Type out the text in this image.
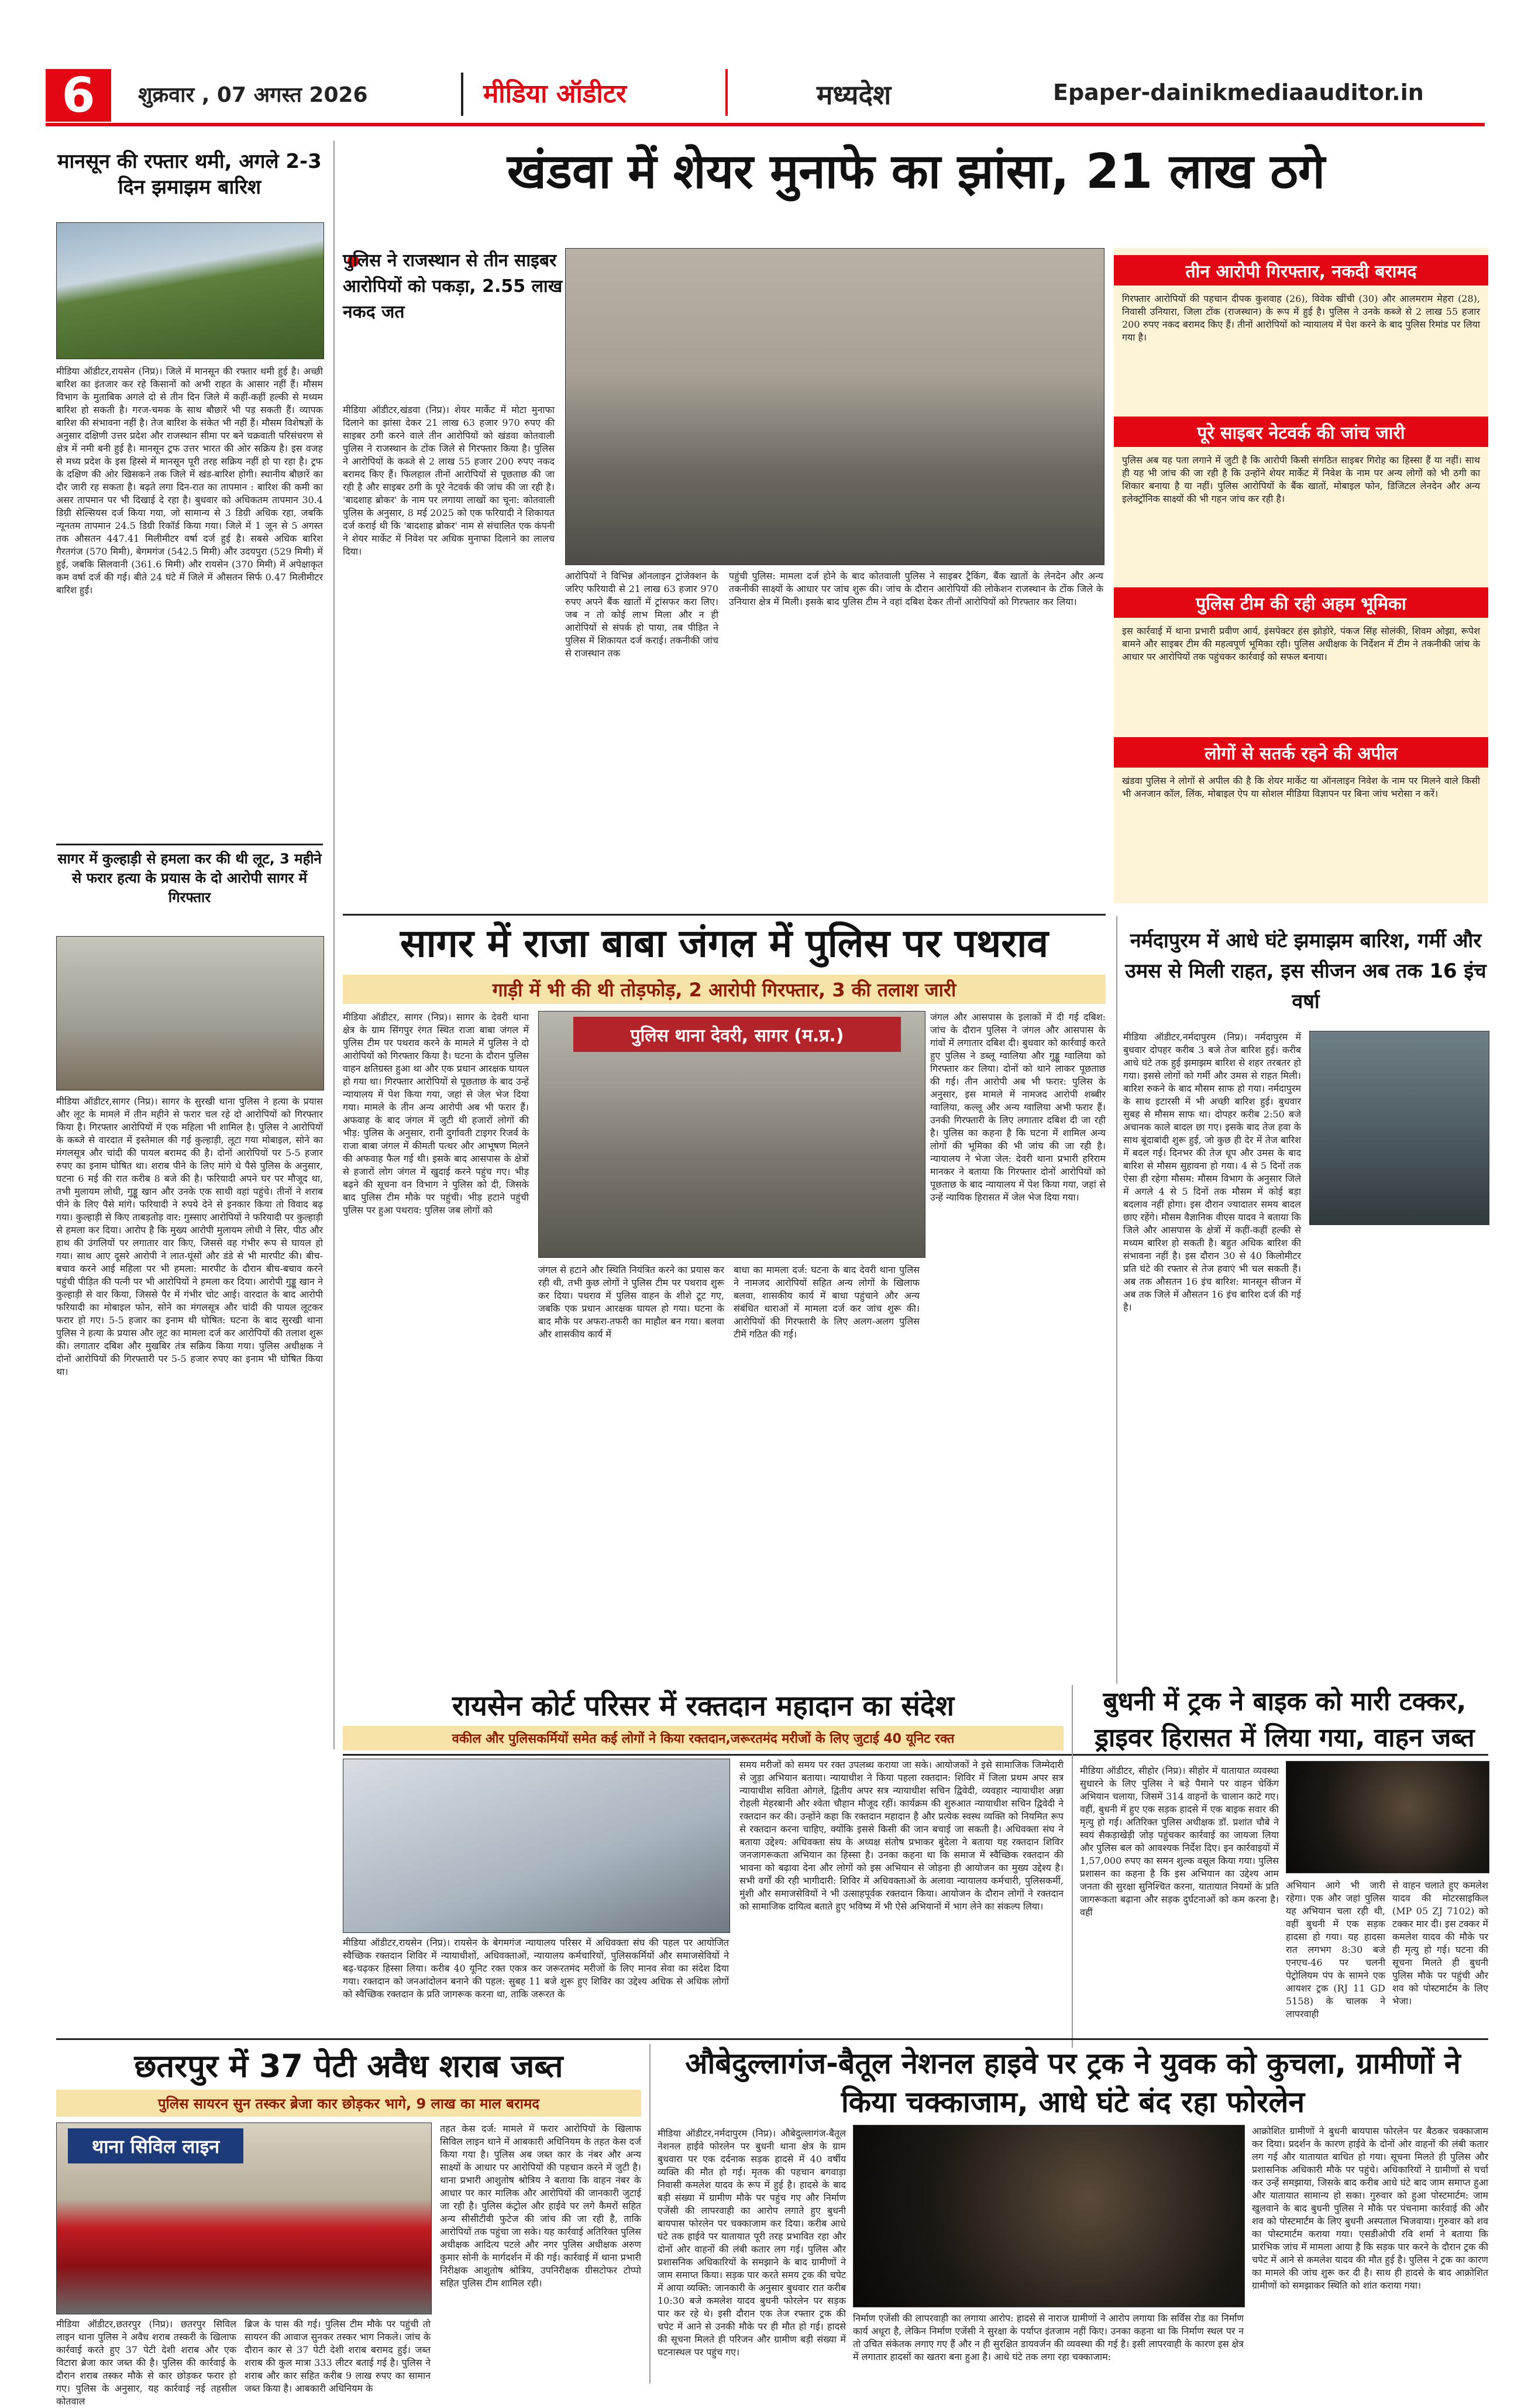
6	शुक्रवार , 07 अगस्त 2026	मीडिया ऑडीटर	मध्यदेश	Epaper-dainikmediaauditor.in
मानसून की रफ्तार थमी, अगले 2-3 दिन झमाझम बारिश

मीडिया ऑडीटर,रायसेन (निप्र)। जिले में मानसून की रफ्तार थमी हुई है। अच्छी बारिश का इंतजार कर रहे किसानों को अभी राहत के आसार नहीं हैं। मौसम विभाग के मुताबिक अगले दो से तीन दिन जिले में कहीं-कहीं हल्की से मध्यम बारिश हो सकती है। गरज-चमक के साथ बौछारें भी पड़ सकती हैं। व्यापक बारिश की संभावना नहीं है। तेज बारिश के संकेत भी नहीं हैं। मौसम विशेषज्ञों के अनुसार दक्षिणी उत्तर प्रदेश और राजस्थान सीमा पर बने चक्रवाती परिसंचरण से क्षेत्र में नमी बनी हुई है। मानसून ट्रफ उत्तर भारत की ओर सक्रिय है। इस वजह से मध्य प्रदेश के इस हिस्से में मानसून पूरी तरह सक्रिय नहीं हो पा रहा है। ट्रफ के दक्षिण की ओर खिसकने तक जिले में खंड-बारिश होगी। स्थानीय बौछारें का दौर जारी रह सकता है। बढ़ते लगा दिन-रात का तापमान : बारिश की कमी का असर तापमान पर भी दिखाई दे रहा है। बुधवार को अधिकतम तापमान 30.4 डिग्री सेल्सियस दर्ज किया गया, जो सामान्य से 3 डिग्री अधिक रहा, जबकि न्यूनतम तापमान 24.5 डिग्री रिकॉर्ड किया गया। जिले में 1 जून से 5 अगस्त तक औसतन 447.41 मिलीमीटर वर्षा दर्ज हुई है। सबसे अधिक बारिश गैरतगंज (570 मिमी), बेगमगंज (542.5 मिमी) और उदयपुरा (529 मिमी) में हुई, जबकि सिलवानी (361.6 मिमी) और रायसेन (370 मिमी) में अपेक्षाकृत कम वर्षा दर्ज की गई। बीते 24 घंटे में जिले में औसतन सिर्फ 0.47 मिलीमीटर बारिश हुई।

सागर में कुल्हाड़ी से हमला कर की थी लूट, 3 महीने से फरार हत्या के प्रयास के दो आरोपी सागर में गिरफ्तार

मीडिया ऑडीटर,सागर (निप्र)। सागर के सुरखी थाना पुलिस ने हत्या के प्रयास और लूट के मामले में तीन महीने से फरार चल रहे दो आरोपियों को गिरफ्तार किया है। गिरफ्तार आरोपियों में एक महिला भी शामिल है। पुलिस ने आरोपियों के कब्जे से वारदात में इस्तेमाल की गई कुल्हाड़ी, लूटा गया मोबाइल, सोने का मंगलसूत्र और चांदी की पायल बरामद की है। दोनों आरोपियों पर 5-5 हजार रुपए का इनाम घोषित था। शराब पीने के लिए मांगे थे पैसे पुलिस के अनुसार, घटना 6 मई की रात करीब 8 बजे की है। फरियादी अपने घर पर मौजूद था, तभी मुलायम लोधी, गुड्डू खान और उनके एक साथी वहां पहुंचे। तीनों ने शराब पीने के लिए पैसे मांगे। फरियादी ने रुपये देने से इनकार किया तो विवाद बढ़ गया। कुल्हाड़ी से किए ताबड़तोड़ वार: गुस्साए आरोपियों ने फरियादी पर कुल्हाड़ी से हमला कर दिया। आरोप है कि मुख्य आरोपी मुलायम लोधी ने सिर, पीठ और हाथ की उंगलियों पर लगातार वार किए, जिससे वह गंभीर रूप से घायल हो गया। साथ आए दूसरे आरोपी ने लात-घूंसों और डंडे से भी मारपीट की। बीच-बचाव करने आई महिला पर भी हमला: मारपीट के दौरान बीच-बचाव करने पहुंची पीड़ित की पत्नी पर भी आरोपियों ने हमला कर दिया। आरोपी गुड्डू खान ने कुल्हाड़ी से वार किया, जिससे पैर में गंभीर चोट आई। वारदात के बाद आरोपी फरियादी का मोबाइल फोन, सोने का मंगलसूत्र और चांदी की पायल लूटकर फरार हो गए। 5-5 हजार का इनाम थी घोषित: घटना के बाद सुरखी थाना पुलिस ने हत्या के प्रयास और लूट का मामला दर्ज कर आरोपियों की तलाश शुरू की। लगातार दबिश और मुखबिर तंत्र सक्रिय किया गया। पुलिस अधीक्षक ने दोनों आरोपियों की गिरफ्तारी पर 5-5 हजार रुपए का इनाम भी घोषित किया था।

खंडवा में शेयर मुनाफे का झांसा, 21 लाख ठगे
पुलिस ने राजस्थान से तीन साइबर आरोपियों को पकड़ा, 2.55 लाख नकद जत

मीडिया ऑडीटर,खंडवा (निप्र)। शेयर मार्केट में मोटा मुनाफा दिलाने का झांसा देकर 21 लाख 63 हजार 970 रुपए की साइबर ठगी करने वाले तीन आरोपियों को खंडवा कोतवाली पुलिस ने राजस्थान के टोंक जिले से गिरफ्तार किया है। पुलिस ने आरोपियों के कब्जे से 2 लाख 55 हजार 200 रुपए नकद बरामद किए हैं। फिलहाल तीनों आरोपियों से पूछताछ की जा रही है और साइबर ठगी के पूरे नेटवर्क की जांच की जा रही है। 'बादशाह ब्रोकर' के नाम पर लगाया लाखों का चूना: कोतवाली पुलिस के अनुसार, 8 मई 2025 को एक फरियादी ने शिकायत दर्ज कराई थी कि 'बादशाह ब्रोकर' नाम से संचालित एक कंपनी ने शेयर मार्केट में निवेश पर अधिक मुनाफा दिलाने का लालच दिया।

आरोपियों ने विभिन्न ऑनलाइन ट्रांजेक्शन के जरिए फरियादी से 21 लाख 63 हजार 970 रुपए अपने बैंक खातों में ट्रांसफर करा लिए। जब न तो कोई लाभ मिला और न ही आरोपियों से संपर्क हो पाया, तब पीड़ित ने पुलिस में शिकायत दर्ज कराई। तकनीकी जांच से राजस्थान तक

पहुंची पुलिस: मामला दर्ज होने के बाद कोतवाली पुलिस ने साइबर ट्रैकिंग, बैंक खातों के लेनदेन और अन्य तकनीकी साक्ष्यों के आधार पर जांच शुरू की। जांच के दौरान आरोपियों की लोकेशन राजस्थान के टोंक जिले के उनियारा क्षेत्र में मिली। इसके बाद पुलिस टीम ने वहां दबिश देकर तीनों आरोपियों को गिरफ्तार कर लिया।

तीन आरोपी गिरफ्तार, नकदी बरामद

गिरफ्तार आरोपियों की पहचान दीपक कुशवाह (26), विवेक खींची (30) और आलमराम मेहरा (28), निवासी उनियारा, जिला टोंक (राजस्थान) के रूप में हुई है। पुलिस ने उनके कब्जे से 2 लाख 55 हजार 200 रुपए नकद बरामद किए हैं। तीनों आरोपियों को न्यायालय में पेश करने के बाद पुलिस रिमांड पर लिया गया है।

पूरे साइबर नेटवर्क की जांच जारी

पुलिस अब यह पता लगाने में जुटी है कि आरोपी किसी संगठित साइबर गिरोह का हिस्सा हैं या नहीं। साथ ही यह भी जांच की जा रही है कि उन्होंने शेयर मार्केट में निवेश के नाम पर अन्य लोगों को भी ठगी का शिकार बनाया है या नहीं। पुलिस आरोपियों के बैंक खातों, मोबाइल फोन, डिजिटल लेनदेन और अन्य इलेक्ट्रॉनिक साक्ष्यों की भी गहन जांच कर रही है।

पुलिस टीम की रही अहम भूमिका

इस कार्रवाई में थाना प्रभारी प्रवीण आर्य, इंसपेक्टर हंस झोड़ोरे, पंकज सिंह सोलंकी, शिवम ओझा, रूपेश बामने और साइबर टीम की महत्वपूर्ण भूमिका रही। पुलिस अधीक्षक के निर्देशन में टीम ने तकनीकी जांच के आधार पर आरोपियों तक पहुंचकर कार्रवाई को सफल बनाया।

लोगों से सतर्क रहने की अपील

खंडवा पुलिस ने लोगों से अपील की है कि शेयर मार्केट या ऑनलाइन निवेश के नाम पर मिलने वाले किसी भी अनजान कॉल, लिंक, मोबाइल ऐप या सोशल मीडिया विज्ञापन पर बिना जांच भरोसा न करें।

सागर में राजा बाबा जंगल में पुलिस पर पथराव
गाड़ी में भी की थी तोड़फोड़, 2 आरोपी गिरफ्तार, 3 की तलाश जारी

मीडिया ऑडीटर, सागर (निप्र)। सागर के देवरी थाना क्षेत्र के ग्राम सिंगपुर रंगत स्थित राजा बाबा जंगल में पुलिस टीम पर पथराव करने के मामले में पुलिस ने दो आरोपियों को गिरफ्तार किया है। घटना के दौरान पुलिस वाहन क्षतिग्रस्त हुआ था और एक प्रधान आरक्षक घायल हो गया था। गिरफ्तार आरोपियों से पूछताछ के बाद उन्हें न्यायालय में पेश किया गया, जहां से जेल भेज दिया गया। मामले के तीन अन्य आरोपी अब भी फरार हैं। अफवाह के बाद जंगल में जुटी थी हजारों लोगों की भीड़: पुलिस के अनुसार, रानी दुर्गावती टाइगर रिजर्व के राजा बाबा जंगल में कीमती पत्थर और आभूषण मिलने की अफवाह फैल गई थी। इसके बाद आसपास के क्षेत्रों से हजारों लोग जंगल में खुदाई करने पहुंच गए। भीड़ बढ़ने की सूचना वन विभाग ने पुलिस को दी, जिसके बाद पुलिस टीम मौके पर पहुंची। भीड़ हटाने पहुंची पुलिस पर हुआ पथराव: पुलिस जब लोगों को

पुलिस थाना देवरी, सागर (म.प्र.)

जंगल से हटाने और स्थिति नियंत्रित करने का प्रयास कर रही थी, तभी कुछ लोगों ने पुलिस टीम पर पथराव शुरू कर दिया। पथराव में पुलिस वाहन के शीशे टूट गए, जबकि एक प्रधान आरक्षक घायल हो गया। घटना के बाद मौके पर अफरा-तफरी का माहौल बन गया। बलवा और शासकीय कार्य में

बाधा का मामला दर्ज: घटना के बाद देवरी थाना पुलिस ने नामजद आरोपियों सहित अन्य लोगों के खिलाफ बलवा, शासकीय कार्य में बाधा पहुंचाने और अन्य संबंधित धाराओं में मामला दर्ज कर जांच शुरू की। आरोपियों की गिरफ्तारी के लिए अलग-अलग पुलिस टीमें गठित की गई।

जंगल और आसपास के इलाकों में दी गई दबिश: जांच के दौरान पुलिस ने जंगल और आसपास के गांवों में लगातार दबिश दी। बुधवार को कार्रवाई करते हुए पुलिस ने डब्लू ग्वालिया और गुड्डू ग्वालिया को गिरफ्तार कर लिया। दोनों को थाने लाकर पूछताछ की गई। तीन आरोपी अब भी फरार: पुलिस के अनुसार, इस मामले में नामजद आरोपी शब्बीर ग्वालिया, कल्लू और अन्य ग्वालिया अभी फरार हैं। उनकी गिरफ्तारी के लिए लगातार दबिश दी जा रही है। पुलिस का कहना है कि घटना में शामिल अन्य लोगों की भूमिका की भी जांच की जा रही है। न्यायालय ने भेजा जेल: देवरी थाना प्रभारी हरिराम मानकर ने बताया कि गिरफ्तार दोनों आरोपियों को पूछताछ के बाद न्यायालय में पेश किया गया, जहां से उन्हें न्यायिक हिरासत में जेल भेज दिया गया।

नर्मदापुरम में आधे घंटे झमाझम बारिश, गर्मी और उमस से मिली राहत, इस सीजन अब तक 16 इंच वर्षा

मीडिया ऑडीटर,नर्मदापुरम (निप्र)। नर्मदापुरम में बुधवार दोपहर करीब 3 बजे तेज बारिश हुई। करीब आधे घंटे तक हुई झमाझम बारिश से शहर तरबतर हो गया। इससे लोगों को गर्मी और उमस से राहत मिली। बारिश रुकने के बाद मौसम साफ हो गया। नर्मदापुरम के साथ इटारसी में भी अच्छी बारिश हुई। बुधवार सुबह से मौसम साफ था। दोपहर करीब 2:50 बजे अचानक काले बादल छा गए। इसके बाद तेज हवा के साथ बूंदाबांदी शुरू हुई, जो कुछ ही देर में तेज बारिश में बदल गई। दिनभर की तेज धूप और उमस के बाद बारिश से मौसम सुहावना हो गया। 4 से 5 दिनों तक ऐसा ही रहेगा मौसम: मौसम विभाग के अनुसार जिले में अगले 4 से 5 दिनों तक मौसम में कोई बड़ा बदलाव नहीं होगा। इस दौरान ज्यादातर समय बादल छाए रहेंगे। मौसम वैज्ञानिक वीएस यादव ने बताया कि जिले और आसपास के क्षेत्रों में कहीं-कहीं हल्की से मध्यम बारिश हो सकती है। बहुत अधिक बारिश की संभावना नहीं है। इस दौरान 30 से 40 किलोमीटर प्रति घंटे की रफ्तार से तेज हवाएं भी चल सकती हैं। अब तक औसतन 16 इंच बारिश: मानसून सीजन में अब तक जिले में औसतन 16 इंच बारिश दर्ज की गई है।

रायसेन कोर्ट परिसर में रक्तदान महादान का संदेश
वकील और पुलिसकर्मियों समेत कई लोगों ने किया रक्तदान,जरूरतमंद मरीजों के लिए जुटाई 40 यूनिट रक्त

मीडिया ऑडीटर,रायसेन (निप्र)। रायसेन के बेगमगंज न्यायालय परिसर में अधिवक्ता संघ की पहल पर आयोजित स्वैच्छिक रक्तदान शिविर में न्यायाधीशों, अधिवक्ताओं, न्यायालय कर्मचारियों, पुलिसकर्मियों और समाजसेवियों ने बढ़-चढ़कर हिस्सा लिया। करीब 40 यूनिट रक्त एकत्र कर जरूरतमंद मरीजों के लिए मानव सेवा का संदेश दिया गया। रक्तदान को जनआंदोलन बनाने की पहल: सुबह 11 बजे शुरू हुए शिविर का उद्देश्य अधिक से अधिक लोगों को स्वैच्छिक रक्तदान के प्रति जागरूक करना था, ताकि जरूरत के

समय मरीजों को समय पर रक्त उपलब्ध कराया जा सके। आयोजकों ने इसे सामाजिक जिम्मेदारी से जुड़ा अभियान बताया। न्यायाधीश ने किया पहला रक्तदान: शिविर में जिला प्रथम अपर सत्र न्यायाधीश सविता ओगले, द्वितीय अपर सत्र न्यायाधीश सचिन द्विवेदी, व्यवहार न्यायाधीश अन्ना रोहली मेहरबानी और श्वेता चौहान मौजूद रहीं। कार्यक्रम की शुरुआत न्यायाधीश सचिन द्विवेदी ने रक्तदान कर की। उन्होंने कहा कि रक्तदान महादान है और प्रत्येक स्वस्थ व्यक्ति को नियमित रूप से रक्तदान करना चाहिए, क्योंकि इससे किसी की जान बचाई जा सकती है। अधिवक्ता संघ ने बताया उद्देश्य: अधिवक्ता संघ के अध्यक्ष संतोष प्रभाकर बुंदेला ने बताया यह रक्तदान शिविर जनजागरूकता अभियान का हिस्सा है। उनका कहना था कि समाज में स्वैच्छिक रक्तदान की भावना को बढ़ावा देना और लोगों को इस अभियान से जोड़ना ही आयोजन का मुख्य उद्देश्य है। सभी वर्गों की रही भागीदारी: शिविर में अधिवक्ताओं के अलावा न्यायालय कर्मचारी, पुलिसकर्मी, मुंशी और समाजसेवियों ने भी उत्साहपूर्वक रक्तदान किया। आयोजन के दौरान लोगों ने रक्तदान को सामाजिक दायित्व बताते हुए भविष्य में भी ऐसे अभियानों में भाग लेने का संकल्प लिया।

बुधनी में ट्रक ने बाइक को मारी टक्कर, ड्राइवर हिरासत में लिया गया, वाहन जब्त

मीडिया ऑडीटर, सीहोर (निप्र)। सीहोर में यातायात व्यवस्था सुधारने के लिए पुलिस ने बड़े पैमाने पर वाहन चेकिंग अभियान चलाया, जिसमें 314 वाहनों के चालान काटे गए। वहीं, बुधनी में हुए एक सड़क हादसे में एक बाइक सवार की मृत्यु हो गई। अतिरिक्त पुलिस अधीक्षक डॉ. प्रशांत चौबे ने स्वयं सैकड़ाखेड़ी जोड़ पहुंचकर कार्रवाई का जायजा लिया और पुलिस बल को आवश्यक निर्देश दिए। इन कार्रवाइयों में 1,57,000 रुपए का समन शुल्क वसूल किया गया। पुलिस प्रशासन का कहना है कि इस अभियान का उद्देश्य आम जनता की सुरक्षा सुनिश्चित करना, यातायात नियमों के प्रति जागरूकता बढ़ाना और सड़क दुर्घटनाओं को कम करना है। वहीं

अभियान आगे भी जारी रहेगा। एक और जहां पुलिस यह अभियान चला रही थी, वहीं बुधनी में एक सड़क हादसा हो गया। यह हादसा रात लगभग 8:30 बजे एनएच-46 पर चलनी पेट्रोलियम पंप के सामने एक आयशर ट्रक (RJ 11 GD 5158) के चालक ने लापरवाही

से वाहन चलाते हुए कमलेश यादव की मोटरसाइकिल (MP 05 ZJ 7102) को टक्कर मार दी। इस टक्कर में कमलेश यादव की मौके पर ही मृत्यु हो गई। घटना की सूचना मिलते ही बुधनी पुलिस मौके पर पहुंची और शव को पोस्टमार्टम के लिए भेजा।

छतरपुर में 37 पेटी अवैध शराब जब्त
पुलिस सायरन सुन तस्कर ब्रेजा कार छोड़कर भागे, 9 लाख का माल बरामद
थाना सिविल लाइन

मीडिया ऑडीटर,छतरपुर (निप्र)। छतरपुर सिविल लाइन थाना पुलिस ने अवैध शराब तस्करी के खिलाफ कार्रवाई करते हुए 37 पेटी देशी शराब और एक विटारा ब्रेजा कार जब्त की है। पुलिस की कार्रवाई के दौरान शराब तस्कर मौके से कार छोड़कर फरार हो गए। पुलिस के अनुसार, यह कार्रवाई नई तहसील कोतवाल

ब्रिज के पास की गई। पुलिस टीम मौके पर पहुंची तो सायरन की आवाज सुनकर तस्कर भाग निकले। जांच के दौरान कार से 37 पेटी देशी शराब बरामद हुई। जब्त शराब की कुल मात्रा 333 लीटर बताई गई है। पुलिस ने शराब और कार सहित करीब 9 लाख रुपए का सामान जब्त किया है। आबकारी अधिनियम के

तहत केस दर्ज: मामले में फरार आरोपियों के खिलाफ सिविल लाइन थाने में आबकारी अधिनियम के तहत केस दर्ज किया गया है। पुलिस अब जब्त कार के नंबर और अन्य साक्ष्यों के आधार पर आरोपियों की पहचान करने में जुटी है। थाना प्रभारी आशुतोष श्रोत्रिय ने बताया कि वाहन नंबर के आधार पर कार मालिक और आरोपियों की जानकारी जुटाई जा रही है। पुलिस कंट्रोल और हाईवे पर लगे कैमरों सहित अन्य सीसीटीवी फुटेज की जांच की जा रही है, ताकि आरोपियों तक पहुंचा जा सके। यह कार्रवाई अतिरिक्त पुलिस अधीक्षक आदित्य पटले और नगर पुलिस अधीक्षक अरुण कुमार सोनी के मार्गदर्शन में की गई। कार्रवाई में थाना प्रभारी निरीक्षक आशुतोष श्रोत्रिय, उपनिरीक्षक ग्रीसटोफर टोप्पो सहित पुलिस टीम शामिल रही।

औबेदुल्लागंज-बैतूल नेशनल हाइवे पर ट्रक ने युवक को कुचला, ग्रामीणों ने किया चक्काजाम, आधे घंटे बंद रहा फोरलेन

मीडिया ऑडीटर,नर्मदापुरम (निप्र)। औबेदुल्लागंज-बैतूल नेशनल हाईवे फोरलेन पर बुधनी थाना क्षेत्र के ग्राम बुधवारा पर एक दर्दनाक सड़क हादसे में 40 वर्षीय व्यक्ति की मौत हो गई। मृतक की पहचान बगवाड़ा निवासी कमलेश यादव के रूप में हुई है। हादसे के बाद बड़ी संख्या में ग्रामीण मौके पर पहुंच गए और निर्माण एजेंसी की लापरवाही का आरोप लगाते हुए बुधनी बायपास फोरलेन पर चक्काजाम कर दिया। करीब आधे घंटे तक हाईवे पर यातायात पूरी तरह प्रभावित रहा और दोनों ओर वाहनों की लंबी कतार लग गई। पुलिस और प्रशासनिक अधिकारियों के समझाने के बाद ग्रामीणों ने जाम समाप्त किया। सड़क पार करते समय ट्रक की चपेट में आया व्यक्ति: जानकारी के अनुसार बुधवार रात करीब 10:30 बजे कमलेश यादव बुधनी फोरलेन पर सड़क पार कर रहे थे। इसी दौरान एक तेज रफ्तार ट्रक की चपेट में आने से उनकी मौके पर ही मौत हो गई। हादसे की सूचना मिलते ही परिजन और ग्रामीण बड़ी संख्या में घटनास्थल पर पहुंच गए।

निर्माण एजेंसी की लापरवाही का लगाया आरोप: हादसे से नाराज ग्रामीणों ने आरोप लगाया कि सर्विस रोड का निर्माण कार्य अधूरा है, लेकिन निर्माण एजेंसी ने सुरक्षा के पर्याप्त इंतजाम नहीं किए। उनका कहना था कि निर्माण स्थल पर न तो उचित संकेतक लगाए गए हैं और न ही सुरक्षित डायवर्जन की व्यवस्था की गई है। इसी लापरवाही के कारण इस क्षेत्र में लगातार हादसों का खतरा बना हुआ है। आधे घंटे तक लगा रहा चक्काजाम:

आक्रोशित ग्रामीणों ने बुधनी बायपास फोरलेन पर बैठकर चक्काजाम कर दिया। प्रदर्शन के कारण हाईवे के दोनों ओर वाहनों की लंबी कतार लग गई और यातायात बाधित हो गया। सूचना मिलते ही पुलिस और प्रशासनिक अधिकारी मौके पर पहुंचे। अधिकारियों ने ग्रामीणों से चर्चा कर उन्हें समझाया, जिसके बाद करीब आधे घंटे बाद जाम समाप्त हुआ और यातायात सामान्य हो सका। गुरुवार को हुआ पोस्टमार्टम: जाम खुलवाने के बाद बुधनी पुलिस ने मौके पर पंचनामा कार्रवाई की और शव को पोस्टमार्टम के लिए बुधनी अस्पताल भिजवाया। गुरुवार को शव का पोस्टमार्टम कराया गया। एसडीओपी रवि शर्मा ने बताया कि प्रारंभिक जांच में मामला आया है कि सड़क पार करने के दौरान ट्रक की चपेट में आने से कमलेश यादव की मौत हुई है। पुलिस ने ट्रक का कारण का मामले की जांच शुरू कर दी है। साथ ही हादसे के बाद आक्रोशित ग्रामीणों को समझाकर स्थिति को शांत कराया गया।
